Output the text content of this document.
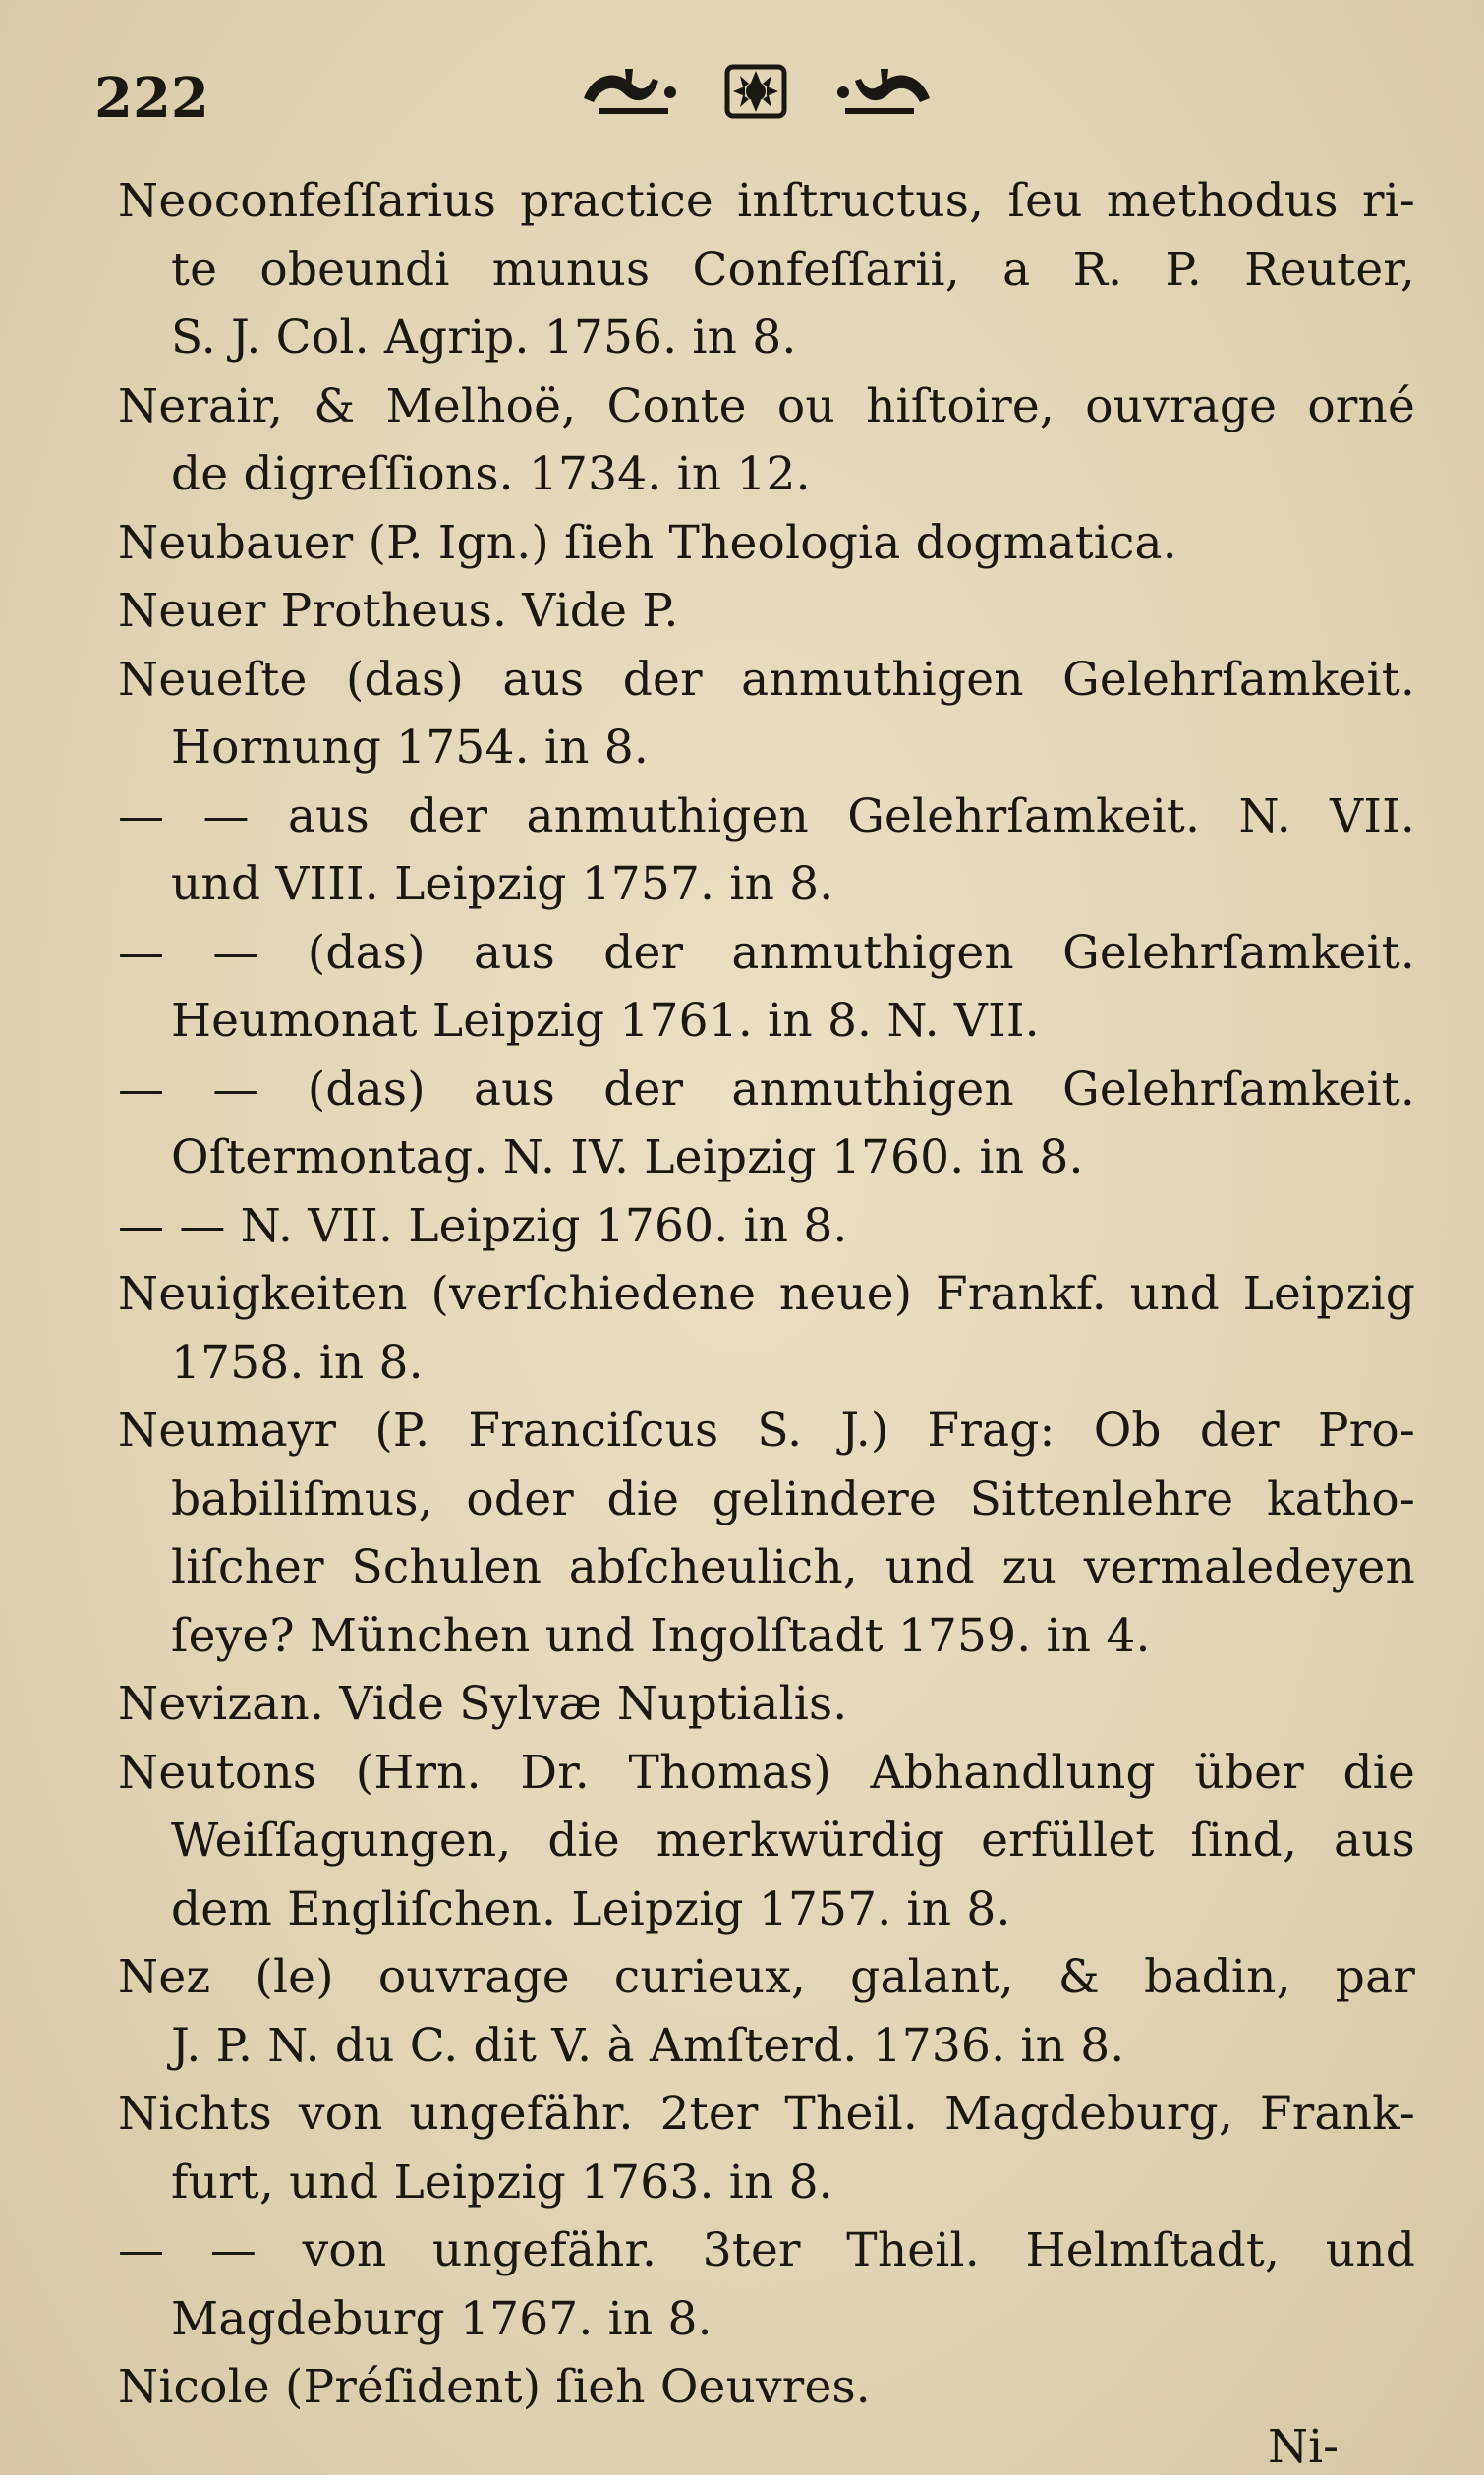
222
Neoconfeſſarius practice inſtructus, ſeu methodus ri-
te obeundi munus Confeſſarii, a R. P. Reuter,
S. J. Col. Agrip. 1756. in 8.
Nerair, & Melhoë, Conte ou hiſtoire, ouvrage orné
de digreſſions. 1734. in 12.
Neubauer (P. Ign.) ſieh Theologia dogmatica.
Neuer Protheus. Vide P.
Neueſte (das) aus der anmuthigen Gelehrſamkeit.
Hornung 1754. in 8.
— — aus der anmuthigen Gelehrſamkeit. N. VII.
und VIII. Leipzig 1757. in 8.
— — (das) aus der anmuthigen Gelehrſamkeit.
Heumonat Leipzig 1761. in 8. N. VII.
— — (das) aus der anmuthigen Gelehrſamkeit.
Oſtermontag. N. IV. Leipzig 1760. in 8.
— — N. VII. Leipzig 1760. in 8.
Neuigkeiten (verſchiedene neue) Frankf. und Leipzig
1758. in 8.
Neumayr (P. Franciſcus S. J.) Frag: Ob der Pro-
babiliſmus, oder die gelindere Sittenlehre katho-
liſcher Schulen abſcheulich, und zu vermaledeyen
ſeye? München und Ingolſtadt 1759. in 4.
Nevizan. Vide Sylvæ Nuptialis.
Neutons (Hrn. Dr. Thomas) Abhandlung über die
Weiſſagungen, die merkwürdig erfüllet ſind, aus
dem Engliſchen. Leipzig 1757. in 8.
Nez (le) ouvrage curieux, galant, & badin, par
J. P. N. du C. dit V. à Amſterd. 1736. in 8.
Nichts von ungefähr. 2ter Theil. Magdeburg, Frank-
furt, und Leipzig 1763. in 8.
— — von ungefähr. 3ter Theil. Helmſtadt, und
Magdeburg 1767. in 8.
Nicole (Préſident) ſieh Oeuvres.
Ni-
